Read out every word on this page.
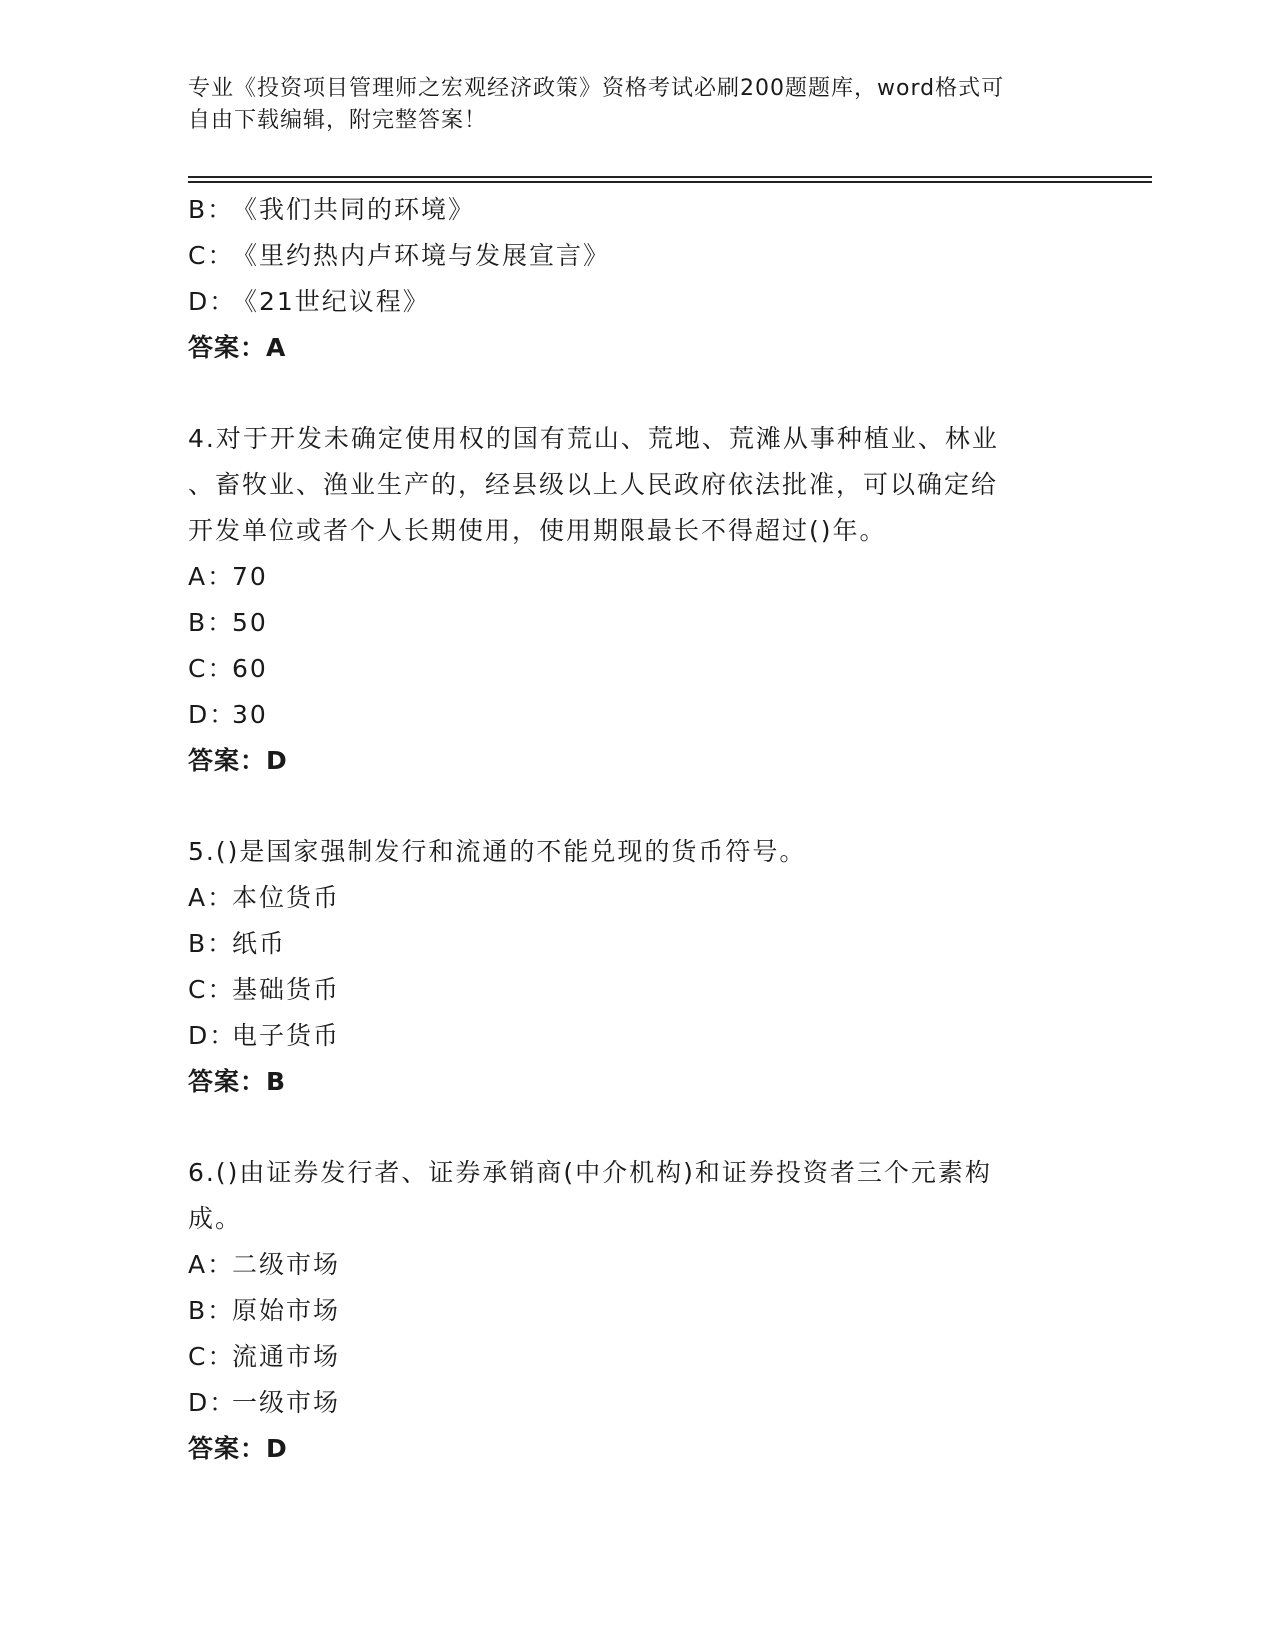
专业《投资项目管理师之宏观经济政策》资格考试必刷200题题库，word格式可
自由下载编辑，附完整答案！
B：《我们共同的环境》
C：《里约热内卢环境与发展宣言》
D：《21世纪议程》
答案：A
4.对于开发未确定使用权的国有荒山、荒地、荒滩从事种植业、林业
、畜牧业、渔业生产的，经县级以上人民政府依法批准，可以确定给
开发单位或者个人长期使用，使用期限最长不得超过()年。
A：70
B：50
C：60
D：30
答案：D
5.()是国家强制发行和流通的不能兑现的货币符号。
A：本位货币
B：纸币
C：基础货币
D：电子货币
答案：B
6.()由证券发行者、证券承销商(中介机构)和证券投资者三个元素构
成。
A：二级市场
B：原始市场
C：流通市场
D：一级市场
答案：D
